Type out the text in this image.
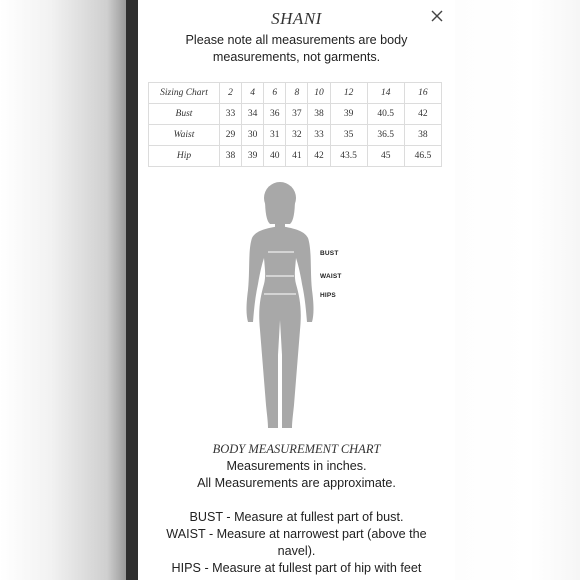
SHANI
Please note all measurements are body measurements, not garments.
Sizing Chart	2	4	6	8	10	12	14	16
Bust	33	34	36	37	38	39	40.5	42
Waist	29	30	31	32	33	35	36.5	38
Hip	38	39	40	41	42	43.5	45	46.5
BUST
WAIST
HIPS
BODY MEASUREMENT CHART

Measurements in inches.

All Measurements are approximate.

BUST - Measure at fullest part of bust.

WAIST - Measure at narrowest part (above the navel).

HIPS - Measure at fullest part of hip with feet
